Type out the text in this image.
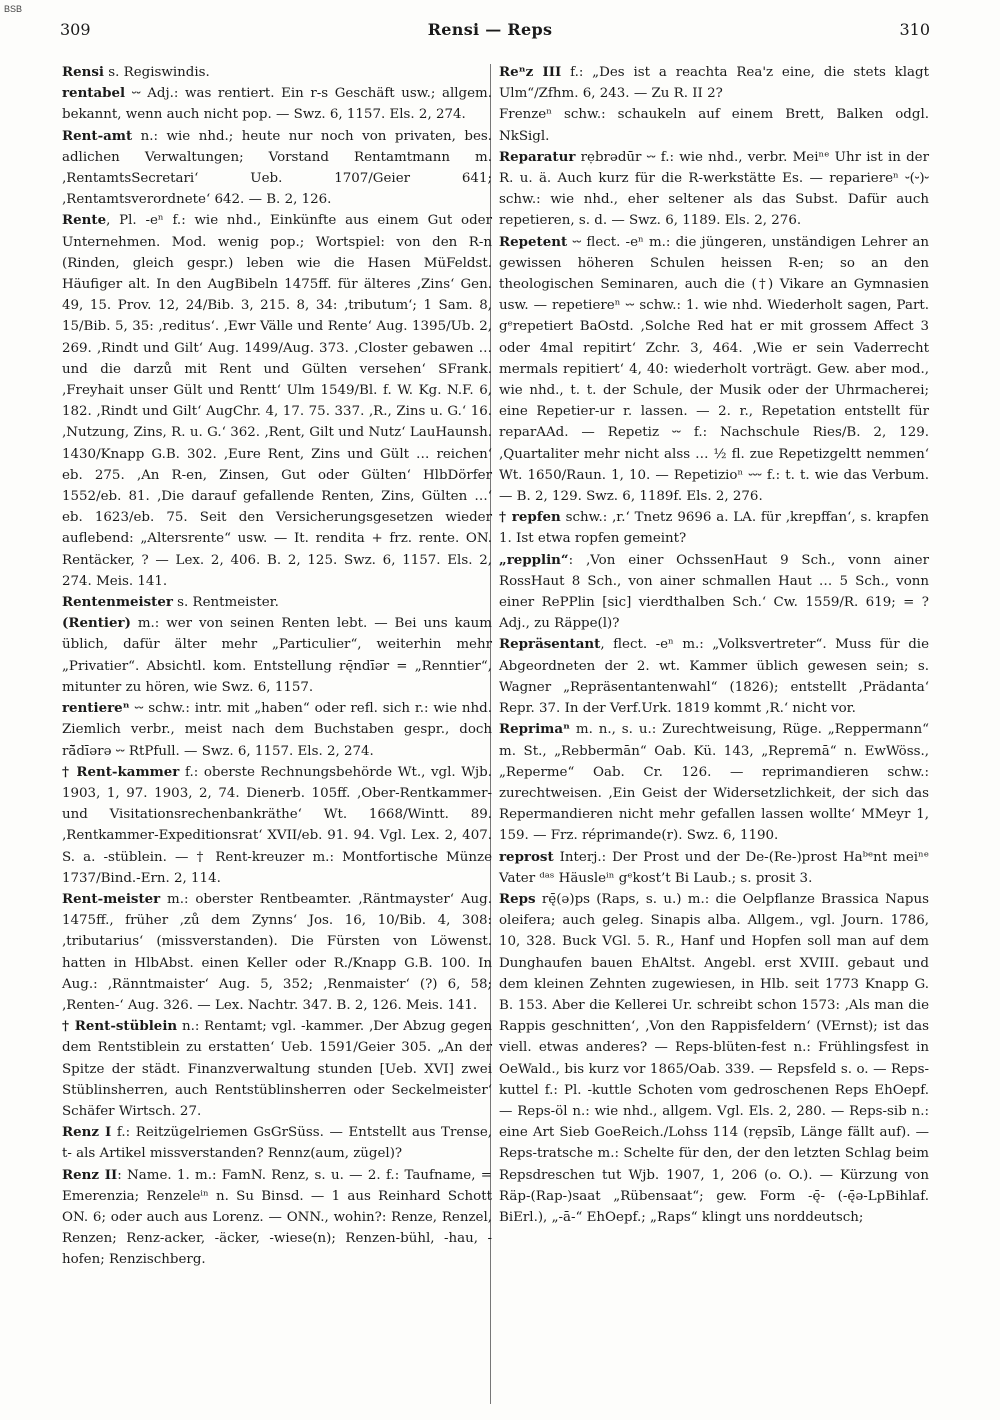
BSB
309	Rensi — Reps	310

Rensi s. Regiswindis.

rentabel ⏑⏑ Adj.: was rentiert. Ein r-s Geschäft usw.; allgem. bekannt, wenn auch nicht pop. — Swz. 6, 1157. Els. 2, 274.

Rent-amt n.: wie nhd.; heute nur noch von privaten, bes. adlichen Verwaltungen; Vorstand Rentamtmann m. ‚RentamtsSecretari‘ Ueb. 1707/Geier 641; ‚Rentamtsverordnete‘ 642. — B. 2, 126.

Rente, Pl. -eⁿ f.: wie nhd., Einkünfte aus einem Gut oder Unternehmen. Mod. wenig pop.; Wortspiel: von den R-n (Rinden, gleich gespr.) leben wie die Hasen MüFeldst. Häufiger alt. In den AugBibeln 1475ff. für älteres ‚Zins‘ Gen. 49, 15. Prov. 12, 24/Bib. 3, 215. 8, 34: ‚tributum‘; 1 Sam. 8, 15/Bib. 5, 35: ‚reditus‘. ‚Ewr Välle und Rente‘ Aug. 1395/Ub. 2, 269. ‚Rindt und Gilt‘ Aug. 1499/Aug. 373. ‚Closter gebawen … und die darzů mit Rent und Gülten versehen‘ SFrank. ‚Freyhait unser Gült und Rentt‘ Ulm 1549/Bl. f. W. Kg. N.F. 6, 182. ‚Rindt und Gilt‘ AugChr. 4, 17. 75. 337. ‚R., Zins u. G.‘ 16. ‚Nutzung, Zins, R. u. G.‘ 362. ‚Rent, Gilt und Nutz‘ LauHaunsh. 1430/Knapp G.B. 302. ‚Eure Rent, Zins und Gült … reichen‘ eb. 275. ‚An R-en, Zinsen, Gut oder Gülten‘ HlbDörfer 1552/eb. 81. ‚Die darauf gefallende Renten, Zins, Gülten …‘ eb. 1623/eb. 75. Seit den Versicherungsgesetzen wieder auflebend: „Altersrente“ usw. — It. rendita + frz. rente. ON. Rentäcker, ? — Lex. 2, 406. B. 2, 125. Swz. 6, 1157. Els. 2, 274. Meis. 141.

Rentenmeister s. Rentmeister.

(Rentier) m.: wer von seinen Renten lebt. — Bei uns kaum üblich, dafür älter mehr „Particulier“, weiterhin mehr „Privatier“. Absichtl. kom. Entstellung rę̄ndīər = „Renntier“, mitunter zu hören, wie Swz. 6, 1157.

rentiereⁿ ⏑⏑ schw.: intr. mit „haben“ oder refl. sich r.: wie nhd. Ziemlich verbr., meist nach dem Buchstaben gespr., doch rā̆dīərə ⏑⏑ RtPfull. — Swz. 6, 1157. Els. 2, 274.

† Rent-kammer f.: oberste Rechnungsbehörde Wt., vgl. Wjb. 1903, 1, 97. 1903, 2, 74. Dienerb. 105ff. ‚Ober-Rentkammer- und Visitationsrechenbankräthe‘ Wt. 1668/Wintt. 89. ‚Rentkammer-Expeditionsrat‘ XVII/eb. 91. 94. Vgl. Lex. 2, 407. S. a. -stüblein. — † Rent-kreuzer m.: Montfortische Münze 1737/Bind.-Ern. 2, 114.

Rent-meister m.: oberster Rentbeamter. ‚Räntmayster‘ Aug. 1475ff., früher ‚zů dem Zynns‘ Jos. 16, 10/Bib. 4, 308: ‚tributarius‘ (missverstanden). Die Fürsten von Löwenst. hatten in HlbAbst. einen Keller oder R./Knapp G.B. 100. In Aug.: ‚Ränntmaister‘ Aug. 5, 352; ‚Renmaister‘ (?) 6, 58; ‚Renten-‘ Aug. 326. — Lex. Nachtr. 347. B. 2, 126. Meis. 141.

† Rent-stüblein n.: Rentamt; vgl. -kammer. ‚Der Abzug gegen dem Rentstiblein zu erstatten‘ Ueb. 1591/Geier 305. „An der Spitze der städt. Finanzverwaltung stunden [Ueb. XVI] zwei Stüblinsherren, auch Rentstüblinsherren oder Seckelmeister‘ Schäfer Wirtsch. 27.

Renz I f.: Reitzügelriemen GsGrSüss. — Entstellt aus Trense, t- als Artikel missverstanden? Rennz(aum, zügel)?

Renz II: Name. 1. m.: FamN. Renz, s. u. — 2. f.: Taufname, = Emerenzia; Renzeleⁱⁿ n. Su Binsd. — 1 aus Reinhard Schott ON. 6; oder auch aus Lorenz. — ONN., wohin?: Renze, Renzel, Renzen; Renz-acker, -äcker, -wiese(n); Renzen-bühl, -hau, -hofen; Renzischberg.

Reⁿz III f.: „Des ist a reachta Rea'z eine, die stets klagt Ulm“/Zfhm. 6, 243. — Zu R. II 2?

Frenzeⁿ schw.: schaukeln auf einem Brett, Balken odgl. NkSigl.

Reparatur rẹbrədūr ⏑⏑ f.: wie nhd., verbr. Meiⁿᵉ Uhr ist in der R. u. ä. Auch kurz für die R-werkstätte Es. — repariereⁿ ⏑(⏑)⏑ schw.: wie nhd., eher seltener als das Subst. Dafür auch repetieren, s. d. — Swz. 6, 1189. Els. 2, 276.

Repetent ⏑⏑ flect. -eⁿ m.: die jüngeren, unständigen Lehrer an gewissen höheren Schulen heissen R-en; so an den theologischen Seminaren, auch die (†) Vikare an Gymnasien usw. — repetiereⁿ ⏑⏑ schw.: 1. wie nhd. Wiederholt sagen, Part. gᵉrepetiert BaOstd. ‚Solche Red hat er mit grossem Affect 3 oder 4mal repitirt‘ Zchr. 3, 464. ‚Wie er sein Vaderrecht mermals repitiert‘ 4, 40: wiederholt vorträgt. Gew. aber mod., wie nhd., t. t. der Schule, der Musik oder der Uhrmacherei; eine Repetier-ur r. lassen. — 2. r., Repetation entstellt für reparAAd. — Repetiz ⏑⏑ f.: Nachschule Ries/B. 2, 129. ‚Quartaliter mehr nicht alss … ½ fl. zue Repetizgeltt nemmen‘ Wt. 1650/Raun. 1, 10. — Repetizioⁿ ⏑⏑⏑ f.: t. t. wie das Verbum. — B. 2, 129. Swz. 6, 1189f. Els. 2, 276.

† repfen schw.: ‚r.‘ Tnetz 9696 a. LA. für ‚krepffan‘, s. krapfen 1. Ist etwa ropfen gemeint?

„repplin“: ‚Von einer OchssenHaut 9 Sch., vonn ainer RossHaut 8 Sch., von ainer schmallen Haut … 5 Sch., vonn einer RePPlin [sic] vierdthalben Sch.‘ Cw. 1559/R. 619; = ? Adj., zu Räppe(l)?

Repräsentant, flect. -eⁿ m.: „Volksvertreter“. Muss für die Abgeordneten der 2. wt. Kammer üblich gewesen sein; s. Wagner „Repräsentantenwahl“ (1826); entstellt ‚Prädanta‘ Repr. 37. In der Verf.Urk. 1819 kommt ‚R.‘ nicht vor.

Reprimaⁿ m. n., s. u.: Zurechtweisung, Rüge. „Reppermann“ m. St., „Rebbermān“ Oab. Kü. 143, „Repremā“ n. EwWöss., „Reperme“ Oab. Cr. 126. — reprimandieren schw.: zurechtweisen. ‚Ein Geist der Widersetzlichkeit, der sich das Repermandieren nicht mehr gefallen lassen wollte‘ MMeyr 1, 159. — Frz. réprimande(r). Swz. 6, 1190.

reprost Interj.: Der Prost und der De-(Re-)prost Haᵇᵉnt meiⁿᵉ Vater ᵈᵃˢ Häusleⁱⁿ gᵉkost’t Bi Laub.; s. prosit 3.

Reps rę̄(ə)ps (Raps, s. u.) m.: die Oelpflanze Brassica Napus oleifera; auch geleg. Sinapis alba. Allgem., vgl. Journ. 1786, 10, 328. Buck VGl. 5. R., Hanf und Hopfen soll man auf dem Dunghaufen bauen EhAltst. Angebl. erst XVIII. gebaut und dem kleinen Zehnten zugewiesen, in Hlb. seit 1773 Knapp G. B. 153. Aber die Kellerei Ur. schreibt schon 1573: ‚Als man die Rappis geschnitten‘, ‚Von den Rappisfeldern‘ (VErnst); ist das viell. etwas anderes? — Reps-blüten-fest n.: Frühlingsfest in OeWald., bis kurz vor 1865/Oab. 339. — Repsfeld s. o. — Reps-kuttel f.: Pl. -kuttle Schoten vom gedroschenen Reps EhOepf. — Reps-öl n.: wie nhd., allgem. Vgl. Els. 2, 280. — Reps-sib n.: eine Art Sieb GoeReich./Lohss 114 (rẹpsīb, Länge fällt auf). — Reps-tratsche m.: Schelte für den, der den letzten Schlag beim Repsdreschen tut Wjb. 1907, 1, 206 (o. O.). — Kürzung von Räp-(Rap-)saat „Rübensaat“; gew. Form -ę̄- (-ę̄ə-LpBihlaf. BiErl.), „-ā-“ EhOepf.; „Raps“ klingt uns norddeutsch;
